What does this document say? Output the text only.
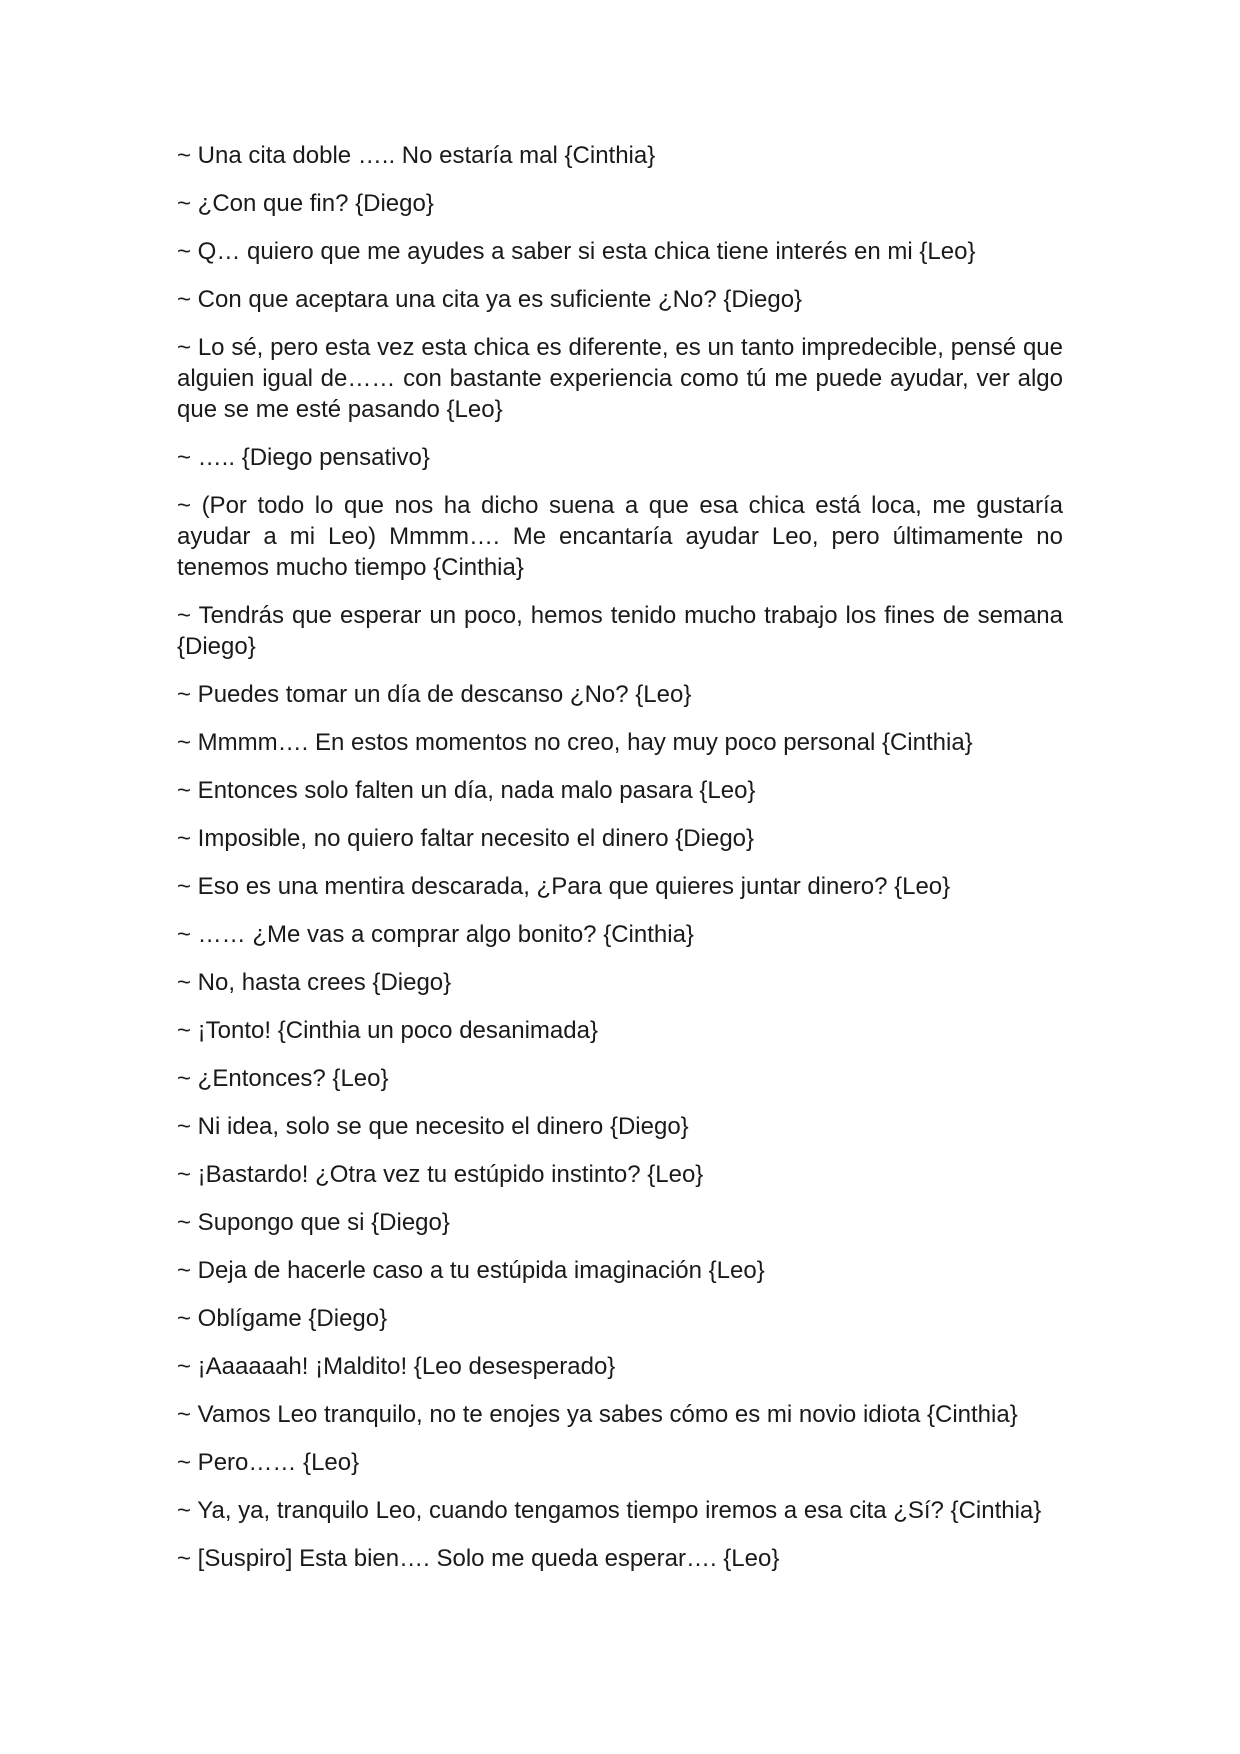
~ Una cita doble ….. No estaría mal {Cinthia}

~ ¿Con que fin? {Diego}

~ Q… quiero que me ayudes a saber si esta chica tiene interés en mi {Leo}

~ Con que aceptara una cita ya es suficiente ¿No? {Diego}

~ Lo sé, pero esta vez esta chica es diferente, es un tanto impredecible, pensé que alguien igual de…… con bastante experiencia como tú me puede ayudar, ver algo que se me esté pasando {Leo}

~ ….. {Diego pensativo}

~ (Por todo lo que nos ha dicho suena a que esa chica está loca, me gustaría ayudar a mi Leo) Mmmm…. Me encantaría ayudar Leo, pero últimamente no tenemos mucho tiempo {Cinthia}

~ Tendrás que esperar un poco, hemos tenido mucho trabajo los fines de semana {Diego}

~ Puedes tomar un día de descanso ¿No? {Leo}

~ Mmmm…. En estos momentos no creo, hay muy poco personal {Cinthia}

~ Entonces solo falten un día, nada malo pasara {Leo}

~ Imposible, no quiero faltar necesito el dinero {Diego}

~ Eso es una mentira descarada, ¿Para que quieres juntar dinero? {Leo}

~ …… ¿Me vas a comprar algo bonito? {Cinthia}

~ No, hasta crees {Diego}

~ ¡Tonto! {Cinthia un poco desanimada}

~ ¿Entonces? {Leo}

~ Ni idea, solo se que necesito el dinero {Diego}

~ ¡Bastardo! ¿Otra vez tu estúpido instinto? {Leo}

~ Supongo que si {Diego}

~ Deja de hacerle caso a tu estúpida imaginación {Leo}

~ Oblígame {Diego}

~ ¡Aaaaaah! ¡Maldito! {Leo desesperado}

~ Vamos Leo tranquilo, no te enojes ya sabes cómo es mi novio idiota {Cinthia}

~ Pero…… {Leo}

~ Ya, ya, tranquilo Leo, cuando tengamos tiempo iremos a esa cita ¿Sí? {Cinthia}

~ [Suspiro] Esta bien…. Solo me queda esperar…. {Leo}
